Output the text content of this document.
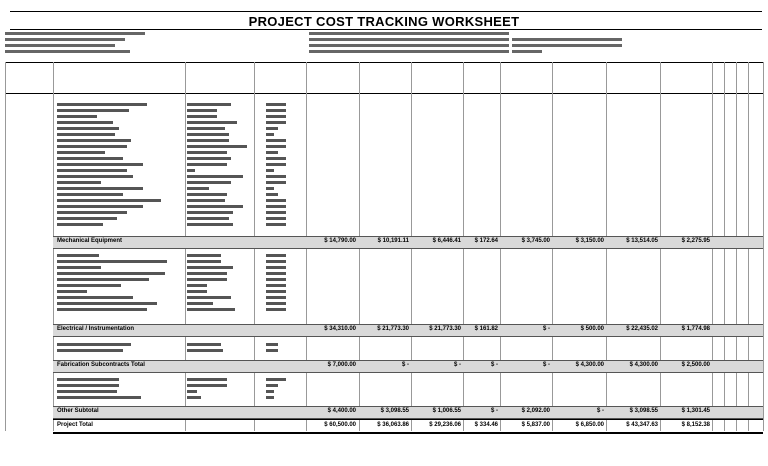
PROJECT COST TRACKING WORKSHEET
Mechanical Equipment	$ 14,790.00	$ 10,191.11	$ 6,446.41	$ 172.64	$ 3,745.00	$ 3,150.00	$ 13,514.05	$ 2,275.95
Electrical / Instrumentation	$ 34,310.00	$ 21,773.30	$ 21,773.30	$ 161.82	$ -	$ 500.00	$ 22,435.02	$ 1,774.98
Fabrication Subcontracts Total	$ 7,000.00	$ -	$ -	$ -	$ -	$ 4,300.00	$ 4,300.00	$ 2,500.00
Other Subtotal	$ 4,400.00	$ 3,098.55	$ 1,006.55	$ -	$ 2,092.00	$ -	$ 3,098.55	$ 1,301.45
Project Total	$ 60,500.00	$ 36,063.86	$ 29,236.06	$ 334.46	$ 5,837.00	$ 6,850.00	$ 43,347.63	$ 8,152.38
